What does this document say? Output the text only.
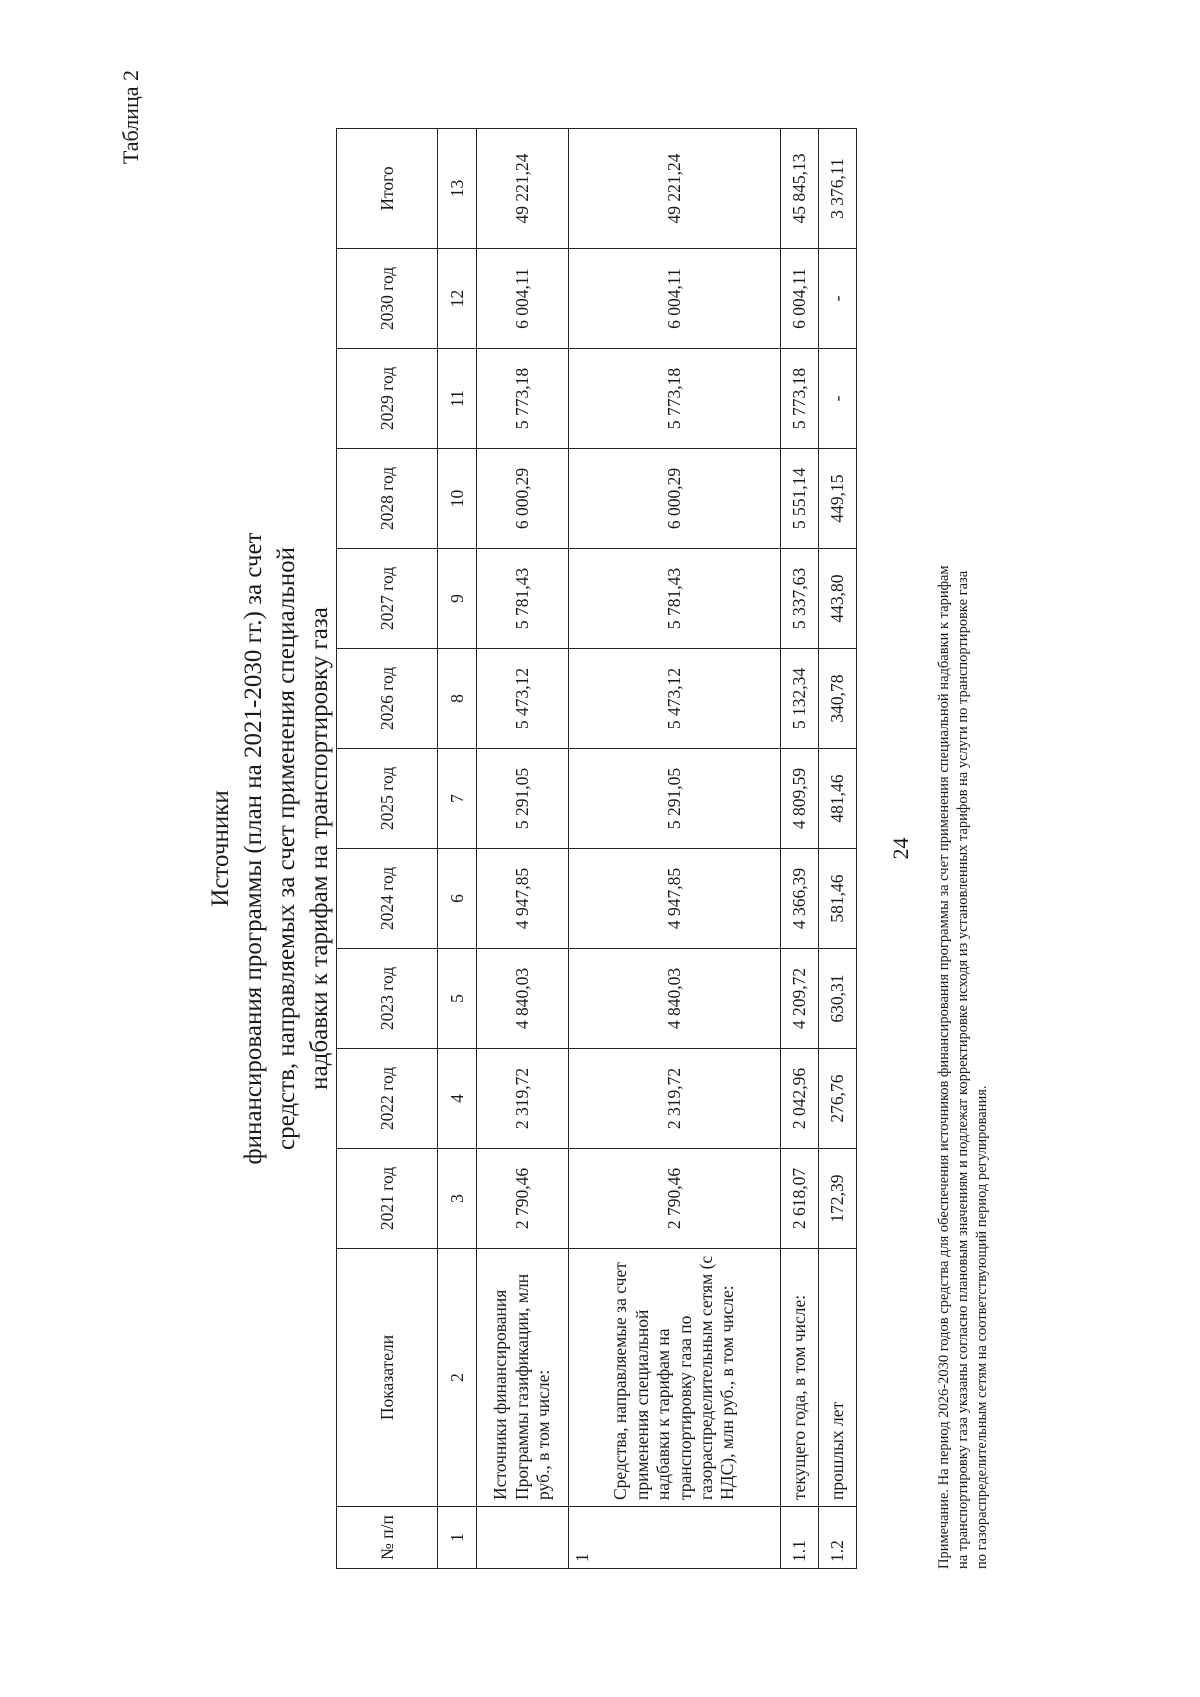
24
Таблица 2
Источники финансирования программы (план на 2021-2030 гг.) за счет средств, направляемых за счет применения специальной надбавки к тарифам на транспортировку газа
№ п/п	Показатели	2021 год	2022 год	2023 год	2024 год	2025 год	2026 год	2027 год	2028 год	2029 год	2030 год	Итого
1	2	3	4	5	6	7	8	9	10	11	12	13
	Источники финансирования Программы газификации, млн руб., в том числе:	2 790,46	2 319,72	4 840,03	4 947,85	5 291,05	5 473,12	5 781,43	6 000,29	5 773,18	6 004,11	49 221,24
1	Средства, направляемые за счет применения специальной надбавки к тарифам на транспортировку газа по газораспределительным сетям (с НДС), млн руб., в том числе:	2 790,46	2 319,72	4 840,03	4 947,85	5 291,05	5 473,12	5 781,43	6 000,29	5 773,18	6 004,11	49 221,24
1.1	текущего года, в том числе:	2 618,07	2 042,96	4 209,72	4 366,39	4 809,59	5 132,34	5 337,63	5 551,14	5 773,18	6 004,11	45 845,13
1.2	прошлых лет	172,39	276,76	630,31	581,46	481,46	340,78	443,80	449,15	-	-	3 376,11
Примечание. На период 2026-2030 годов средства для обеспечения источников финансирования программы за счет применения специальной надбавки к тарифам на транспортировку газа указаны согласно плановым значениям и подлежат корректировке исходя из установленных тарифов на услуги по транспортировке газа по газораспределительным сетям на соответствующий период регулирования.
